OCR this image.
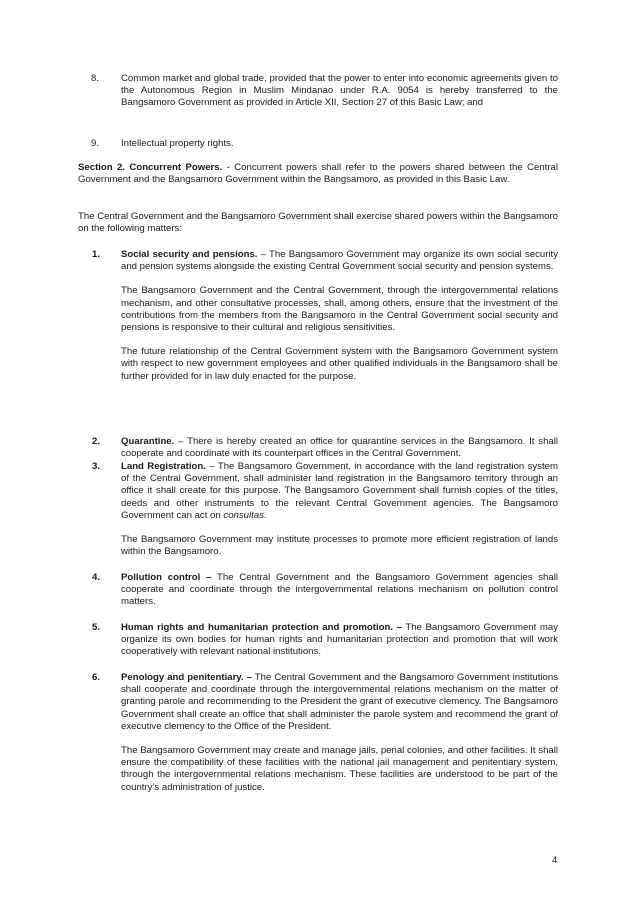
8. Common market and global trade, provided that the power to enter into economic agreements given to the Autonomous Region in Muslim Mindanao under R.A. 9054 is hereby transferred to the Bangsamoro Government as provided in Article XII, Section 27 of this Basic Law; and
9. Intellectual property rights.
Section 2. Concurrent Powers. - Concurrent powers shall refer to the powers shared between the Central Government and the Bangsamoro Government within the Bangsamoro, as provided in this Basic Law.
The Central Government and the Bangsamoro Government shall exercise shared powers within the Bangsamoro on the following matters:
1. Social security and pensions. – The Bangsamoro Government may organize its own social security and pension systems alongside the existing Central Government social security and pension systems.

The Bangsamoro Government and the Central Government, through the intergovernmental relations mechanism, and other consultative processes, shall, among others, ensure that the investment of the contributions from the members from the Bangsamoro in the Central Government social security and pensions is responsive to their cultural and religious sensitivities.

The future relationship of the Central Government system with the Bangsamoro Government system with respect to new government employees and other qualified individuals in the Bangsamoro shall be further provided for in law duly enacted for the purpose.

2. Quarantine. – There is hereby created an office for quarantine services in the Bangsamoro. It shall cooperate and coordinate with its counterpart offices in the Central Government.

3. Land Registration. – The Bangsamoro Government, in accordance with the land registration system of the Central Government, shall administer land registration in the Bangsamoro territory through an office it shall create for this purpose. The Bangsamoro Government shall furnish copies of the titles, deeds and other instruments to the relevant Central Government agencies. The Bangsamoro Government can act on consultas.

The Bangsamoro Government may institute processes to promote more efficient registration of lands within the Bangsamoro.

4. Pollution control – The Central Government and the Bangsamoro Government agencies shall cooperate and coordinate through the intergovernmental relations mechanism on pollution control matters.

5. Human rights and humanitarian protection and promotion. – The Bangsamoro Government may organize its own bodies for human rights and humanitarian protection and promotion that will work cooperatively with relevant national institutions.

6. Penology and penitentiary. – The Central Government and the Bangsamoro Government institutions shall cooperate and coordinate through the intergovernmental relations mechanism on the matter of granting parole and recommending to the President the grant of executive clemency. The Bangsamoro Government shall create an office that shall administer the parole system and recommend the grant of executive clemency to the Office of the President.

The Bangsamoro Government may create and manage jails, penal colonies, and other facilities. It shall ensure the compatibility of these facilities with the national jail management and penitentiary system, through the intergovernmental relations mechanism. These facilities are understood to be part of the country’s administration of justice.

4
